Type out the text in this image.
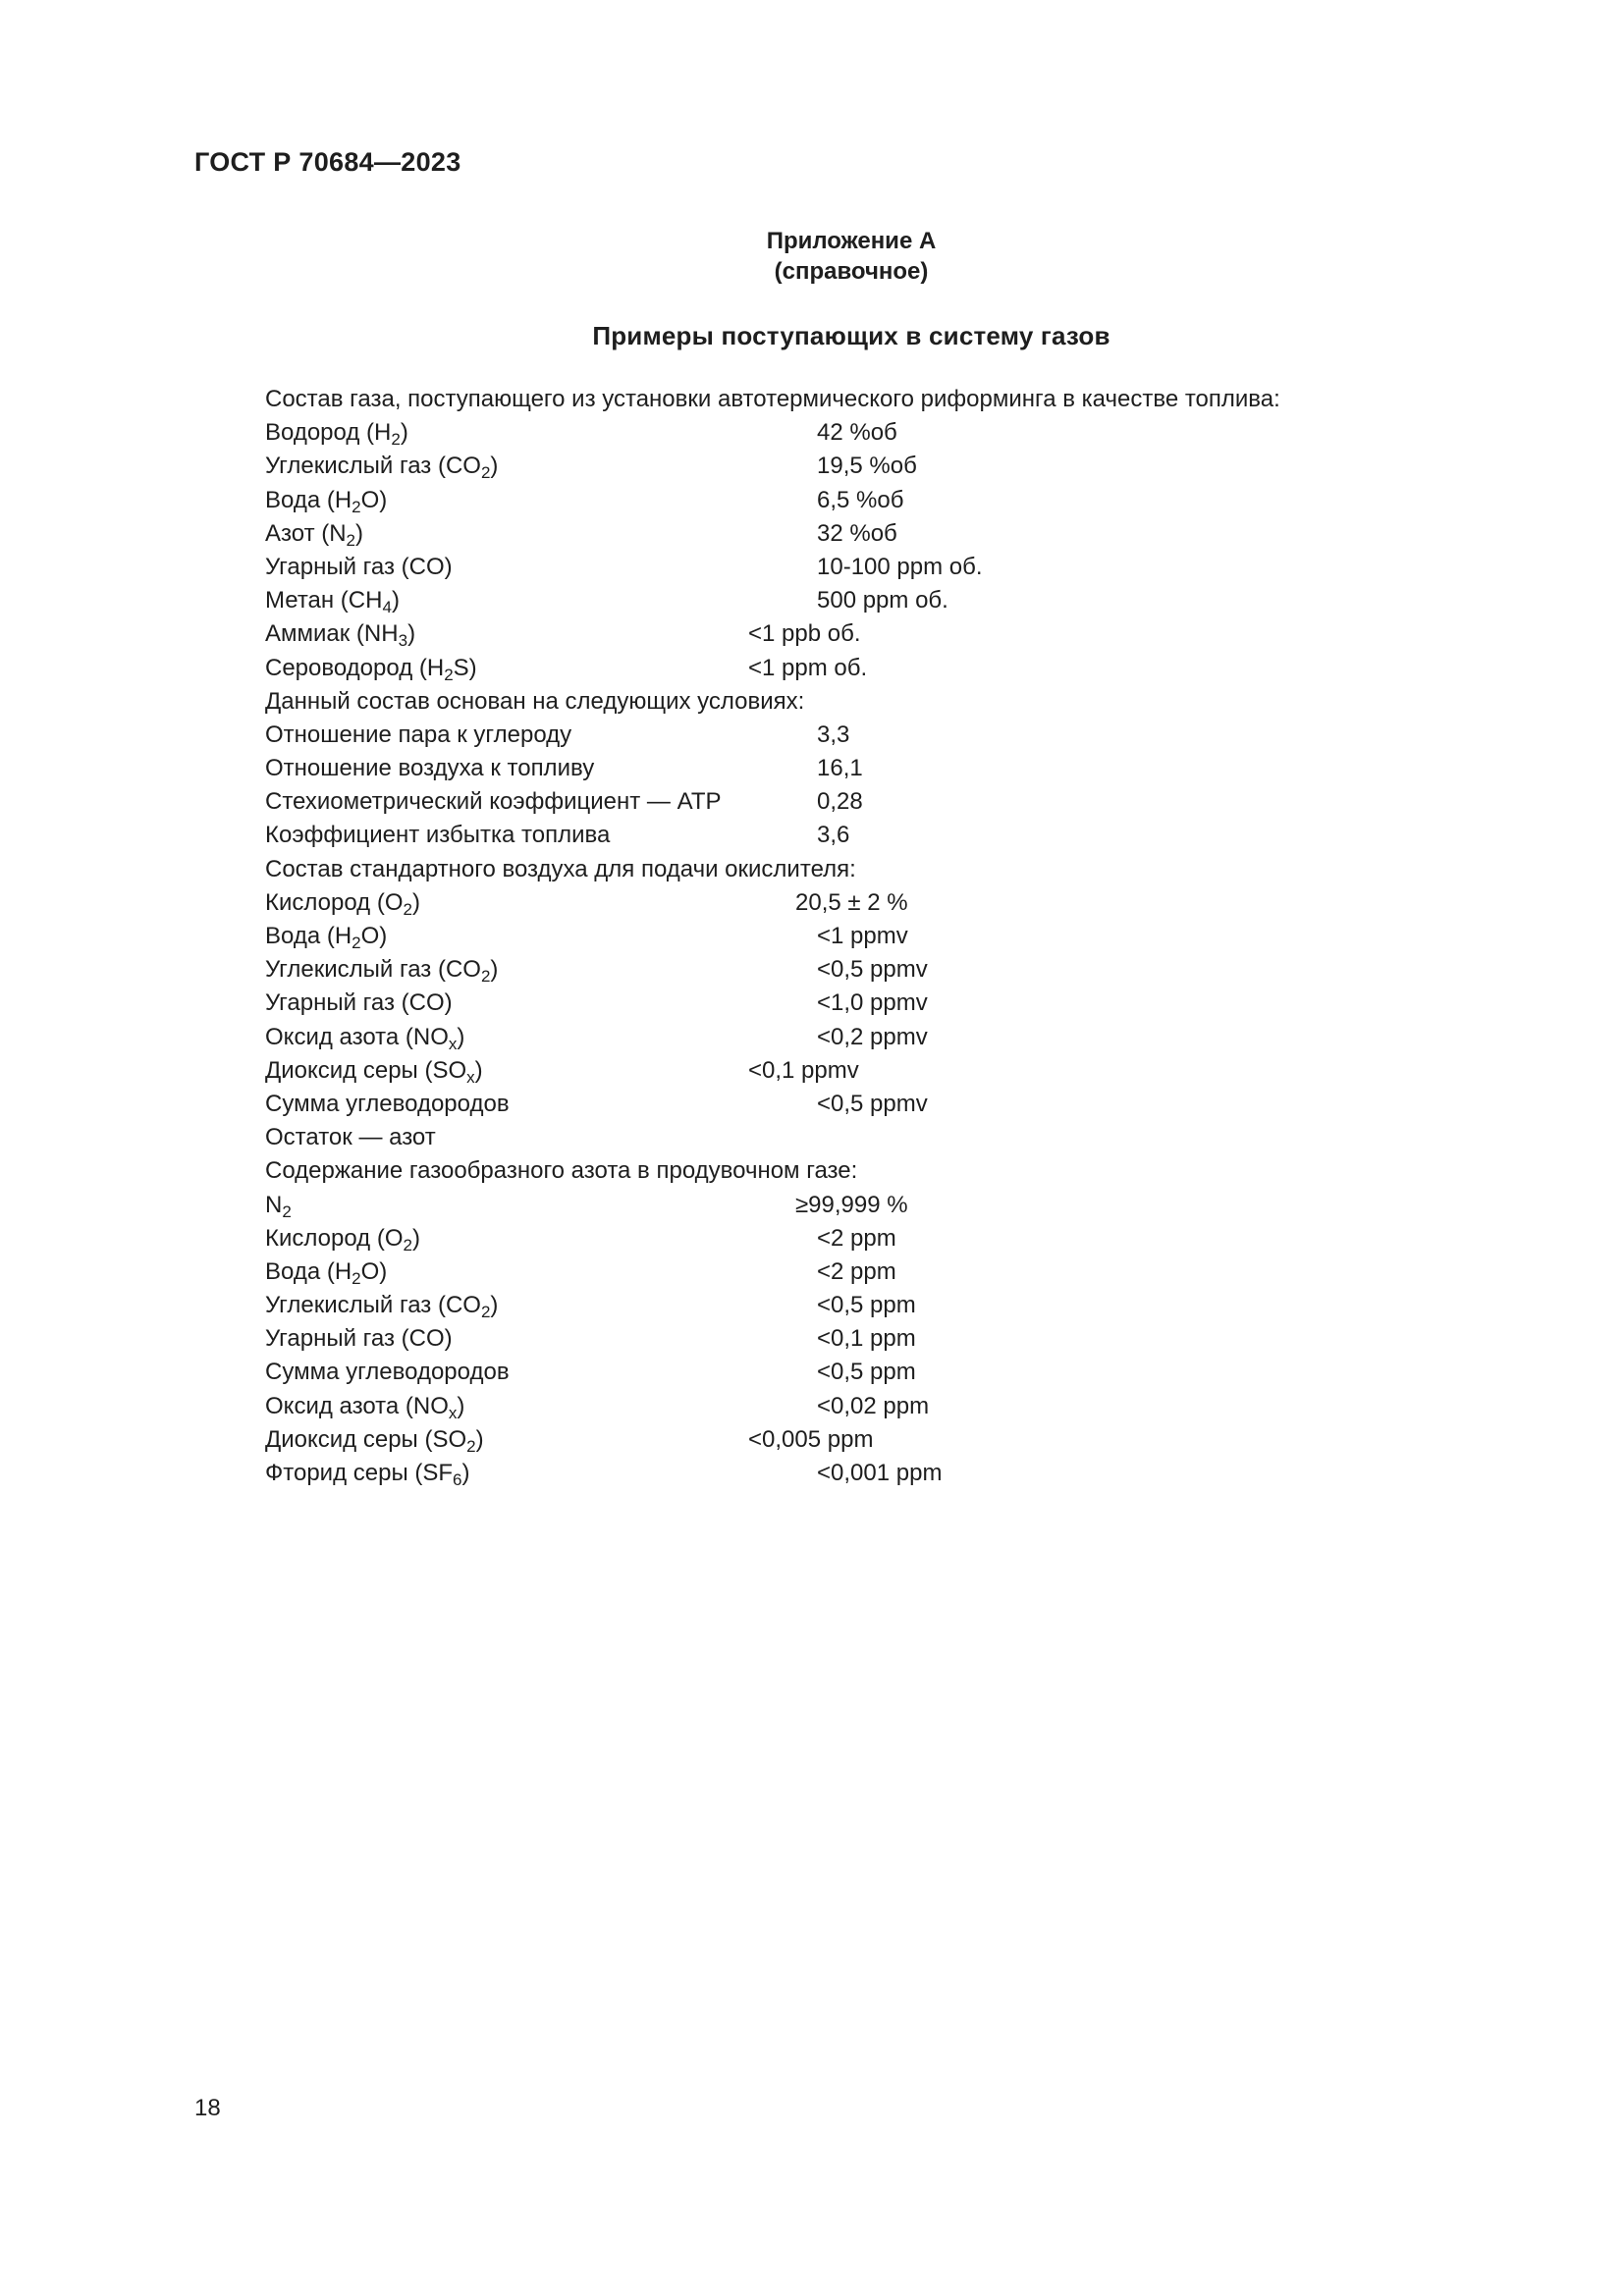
ГОСТ Р 70684—2023
Приложение А
(справочное)
Примеры поступающих в систему газов
Состав газа, поступающего из установки автотермического риформинга в качестве топлива:
Водород $(H_2)$	42 %об
Углекислый газ $(CO_2)$	19,5 %об
Вода $(H_2O)$	6,5 %об
Азот $(N_2)$	32 %об
Угарный газ (CO)	10-100 ppm об.
Метан $(CH_4)$	500 ppm об.
Аммиак $(NH_3)$	<1 ppb об.
Сероводород $(H_2S)$	<1 ppm об.
Данный состав основан на следующих условиях:
Отношение пара к углероду	3,3
Отношение воздуха к топливу	16,1
Стехиометрический коэффициент — ATP	0,28
Коэффициент избытка топлива	3,6
Состав стандартного воздуха для подачи окислителя:
Кислород $(O_2)$	20,5 ± 2 %
Вода $(H_2O)$	<1 ppmv
Углекислый газ $(CO_2)$	<0,5 ppmv
Угарный газ (CO)	<1,0 ppmv
Оксид азота $(NO_x)$	<0,2 ppmv
Диоксид серы $(SO_x)$	<0,1 ppmv
Сумма углеводородов	<0,5 ppmv
Остаток — азот
Содержание газообразного азота в продувочном газе:
$N_2$	≥99,999 %
Кислород $(O_2)$	<2 ppm
Вода $(H_2O)$	<2 ppm
Углекислый газ $(CO_2)$	<0,5 ppm
Угарный газ (CO)	<0,1 ppm
Сумма углеводородов	<0,5 ppm
Оксид азота $(NO_x)$	<0,02 ppm
Диоксид серы $(SO_2)$	<0,005 ppm
Фторид серы $(SF_6)$	<0,001 ppm
18
